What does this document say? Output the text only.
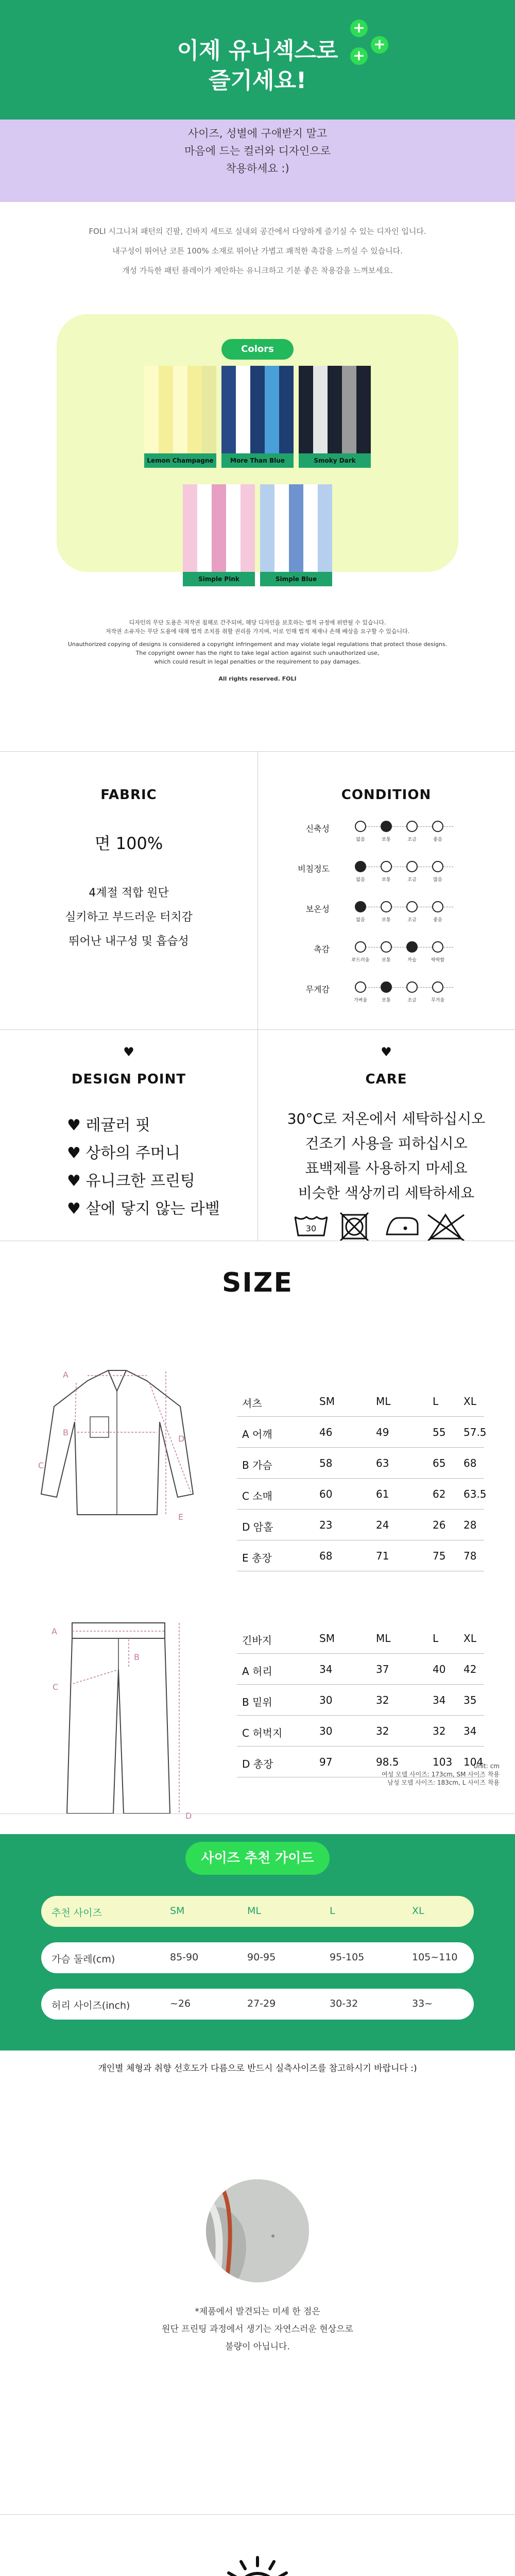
이제 유니섹스로
즐기세요!
+
+
+
사이즈, 성별에 구애받지 말고
마음에 드는 컬러와 디자인으로
착용하세요 :)
FOLI 시그니처 패턴의 긴팔, 긴바지 세트로 실내외 공간에서 다양하게 즐기실 수 있는 디자인 입니다.
내구성이 뛰어난 코튼 100% 소재로 뛰어난 가볍고 쾌적한 촉감을 느끼실 수 있습니다.
개성 가득한 패턴 플레이가 제안하는 유니크하고 기분 좋은 착용감을 느껴보세요.
Colors
Lemon Champagne	More Than Blue	Smoky Dark
Simple Pink	Simple Blue
디자인의 무단 도용은 저작권 침해로 간주되며, 해당 디자인을 보호하는 법적 규정에 위반될 수 있습니다.
저작권 소유자는 무단 도용에 대해 법적 조치를 취할 권리를 가지며, 이로 인해 법적 제재나 손해 배상을 요구할 수 있습니다.
Unauthorized copying of designs is considered a copyright infringement and may violate legal regulations that protect those designs.
The copyright owner has the right to take legal action against such unauthorized use,
which could result in legal penalties or the requirement to pay damages.
All rights reserved. FOLI
FABRIC
면 100%
4계절 적합 원단
실키하고 부드러운 터치감
뛰어난 내구성 및 흡습성
CONDITION
신축성
없음	보통	조금	좋음
비침정도
없음	보통	조금	많음
보온성
없음	보통	조금	좋음
촉감
부드러움	보통	까슬	딱딱함
무게감
가벼움	보통	조금	무거움
♥
DESIGN POINT
♥ 레귤러 핏
♥ 상하의 주머니
♥ 유니크한 프린팅
♥ 살에 닿지 않는 라벨
♥
CARE
30°C로 저온에서 세탁하십시오
건조기 사용을 피하십시오
표백제를 사용하지 마세요
비슷한 색상끼리 세탁하세요
30
SIZE
A
B
C
D
E
셔츠	SM	ML	L XL
A 어깨	46	49	55 57.5
B 가슴	58	63	65 68
C 소매	60	61	62 63.5
D 암홀	23	24	26 28
E 총장	68	71	75 78
A
B
C
D
긴바지	SM	ML	L XL
A 허리	34	37	40 42
B 밑위	30	32	34 35
C 허벅지	30	32	32 34
D 총장	97	98.5	103 104
Unit: cm
여성 모델 사이즈: 173cm, SM 사이즈 착용
남성 모델 사이즈: 183cm, L 사이즈 착용
사이즈 추천 가이드
추천 사이즈	SM	ML	L	XL
가슴 둘레(cm)	85-90	90-95	95-105	105~110
허리 사이즈(inch)	~26	27-29	30-32	33~
개인별 체형과 취향 선호도가 다름으로 반드시 실측사이즈를 참고하시기 바랍니다 :)
*제품에서 발견되는 미세 한 점은
원단 프린팅 과정에서 생기는 자연스러운 현상으로
불량이 아닙니다.
